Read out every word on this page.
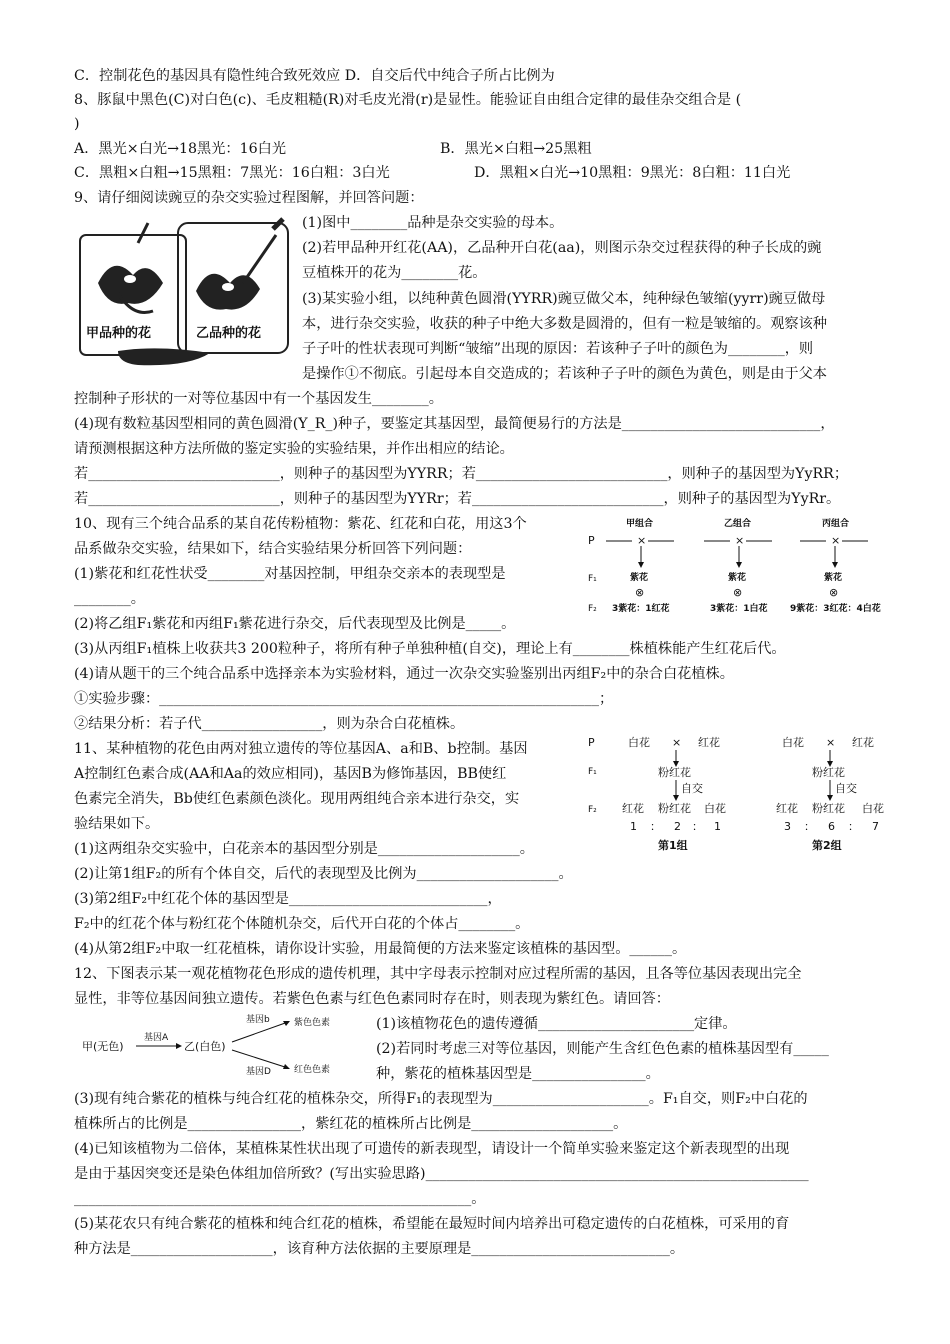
C．控制花色的基因具有隐性纯合致死效应 D．自交后代中纯合子所占比例为
8、豚鼠中黑色(C)对白色(c)、毛皮粗糙(R)对毛皮光滑(r)是显性。能验证自由组合定律的最佳杂交组合是 (
)
A．黑光×白光→18黑光：16白光	B．黑光×白粗→25黑粗
C．黑粗×白粗→15黑粗：7黑光：16白粗：3白光	D．黑粗×白光→10黑粗：9黑光：8白粗：11白光
9、请仔细阅读豌豆的杂交实验过程图解，并回答问题：
甲品种的花	乙品种的花
(1)图中________品种是杂交实验的母本。
(2)若甲品种开红花(AA)，乙品种开白花(aa)，则图示杂交过程获得的种子长成的豌
豆植株开的花为________花。
(3)某实验小组，以纯种黄色圆滑(YYRR)豌豆做父本，纯种绿色皱缩(yyrr)豌豆做母
本，进行杂交实验，收获的种子中绝大多数是圆滑的，但有一粒是皱缩的。观察该种
子子叶的性状表现可判断“皱缩”出现的原因：若该种子子叶的颜色为________，则
是操作①不彻底。引起母本自交造成的；若该种子子叶的颜色为黄色，则是由于父本
控制种子形状的一对等位基因中有一个基因发生________。
(4)现有数粒基因型相同的黄色圆滑(Y_R_)种子，要鉴定其基因型，最简便易行的方法是____________________________，
请预测根据这种方法所做的鉴定实验的实验结果，并作出相应的结论。
若___________________________，则种子的基因型为YYRR；若___________________________，则种子的基因型为YyRR；
若___________________________，则种子的基因型为YYRr；若___________________________，则种子的基因型为YyRr。
10、现有三个纯合品系的某自花传粉植物：紫花、红花和白花，用这3个
品系做杂交实验，结果如下，结合实验结果分析回答下列问题：
(1)紫花和红花性状受________对基因控制，甲组杂交亲本的表现型是
________。
P
F₁
F₂
甲组合
×
紫花
⊗
3紫花：1红花
乙组合
×
紫花
⊗
3紫花：1白花
丙组合
×
紫花
⊗
9紫花：3红花：4白花
(2)将乙组F₁紫花和丙组F₁紫花进行杂交，后代表现型及比例是_____。
(3)从丙组F₁植株上收获共3 200粒种子，将所有种子单独种植(自交)，理论上有________株植株能产生红花后代。
(4)请从题干的三个纯合品系中选择亲本为实验材料，通过一次杂交实验鉴别出丙组F₂中的杂合白花植株。
①实验步骤：______________________________________________________________；
②结果分析：若子代_________________，则为杂合白花植株。
11、某种植物的花色由两对独立遗传的等位基因A、a和B、b控制。基因
A控制红色素合成(AA和Aa的效应相同)，基因B为修饰基因，BB使红
色素完全消失，Bb使红色素颜色淡化。现用两组纯合亲本进行杂交，实
验结果如下。
P
F₁
F₂
白花 × 红花
粉红花
自交
红花 粉红花 白花
1 ： 2 ： 1
第1组
白花 × 红花
粉红花
自交
红花 粉红花 白花
3 ： 6 ： 7
第2组
(1)这两组杂交实验中，白花亲本的基因型分别是____________________。
(2)让第1组F₂的所有个体自交，后代的表现型及比例为____________________。
(3)第2组F₂中红花个体的基因型是____________________________，
F₂中的红花个体与粉红花个体随机杂交，后代开白花的个体占________。
(4)从第2组F₂中取一红花植株，请你设计实验，用最简便的方法来鉴定该植株的基因型。______。
12、下图表示某一观花植物花色形成的遗传机理，其中字母表示控制对应过程所需的基因，且各等位基因表现出完全
显性，非等位基因间独立遗传。若紫色色素与红色色素同时存在时，则表现为紫红色。请回答：
甲(无色)
基因A
乙(白色)
基因b
基因D
紫色色素
红色色素
(1)该植物花色的遗传遵循______________________定律。
(2)若同时考虑三对等位基因，则能产生含红色色素的植株基因型有_____
种，紫花的植株基因型是________________。
(3)现有纯合紫花的植株与纯合红花的植株杂交，所得F₁的表现型为______________________。F₁自交，则F₂中白花的
植株所占的比例是________________，紫红花的植株所占比例是____________________。
(4)已知该植物为二倍体，某植株某性状出现了可遗传的新表现型，请设计一个简单实验来鉴定这个新表现型的出现
是由于基因突变还是染色体组加倍所致？(写出实验思路)______________________________________________________
________________________________________________________。
(5)某花农只有纯合紫花的植株和纯合红花的植株，希望能在最短时间内培养出可稳定遗传的白花植株，可采用的育
种方法是____________________，该育种方法依据的主要原理是____________________________。
